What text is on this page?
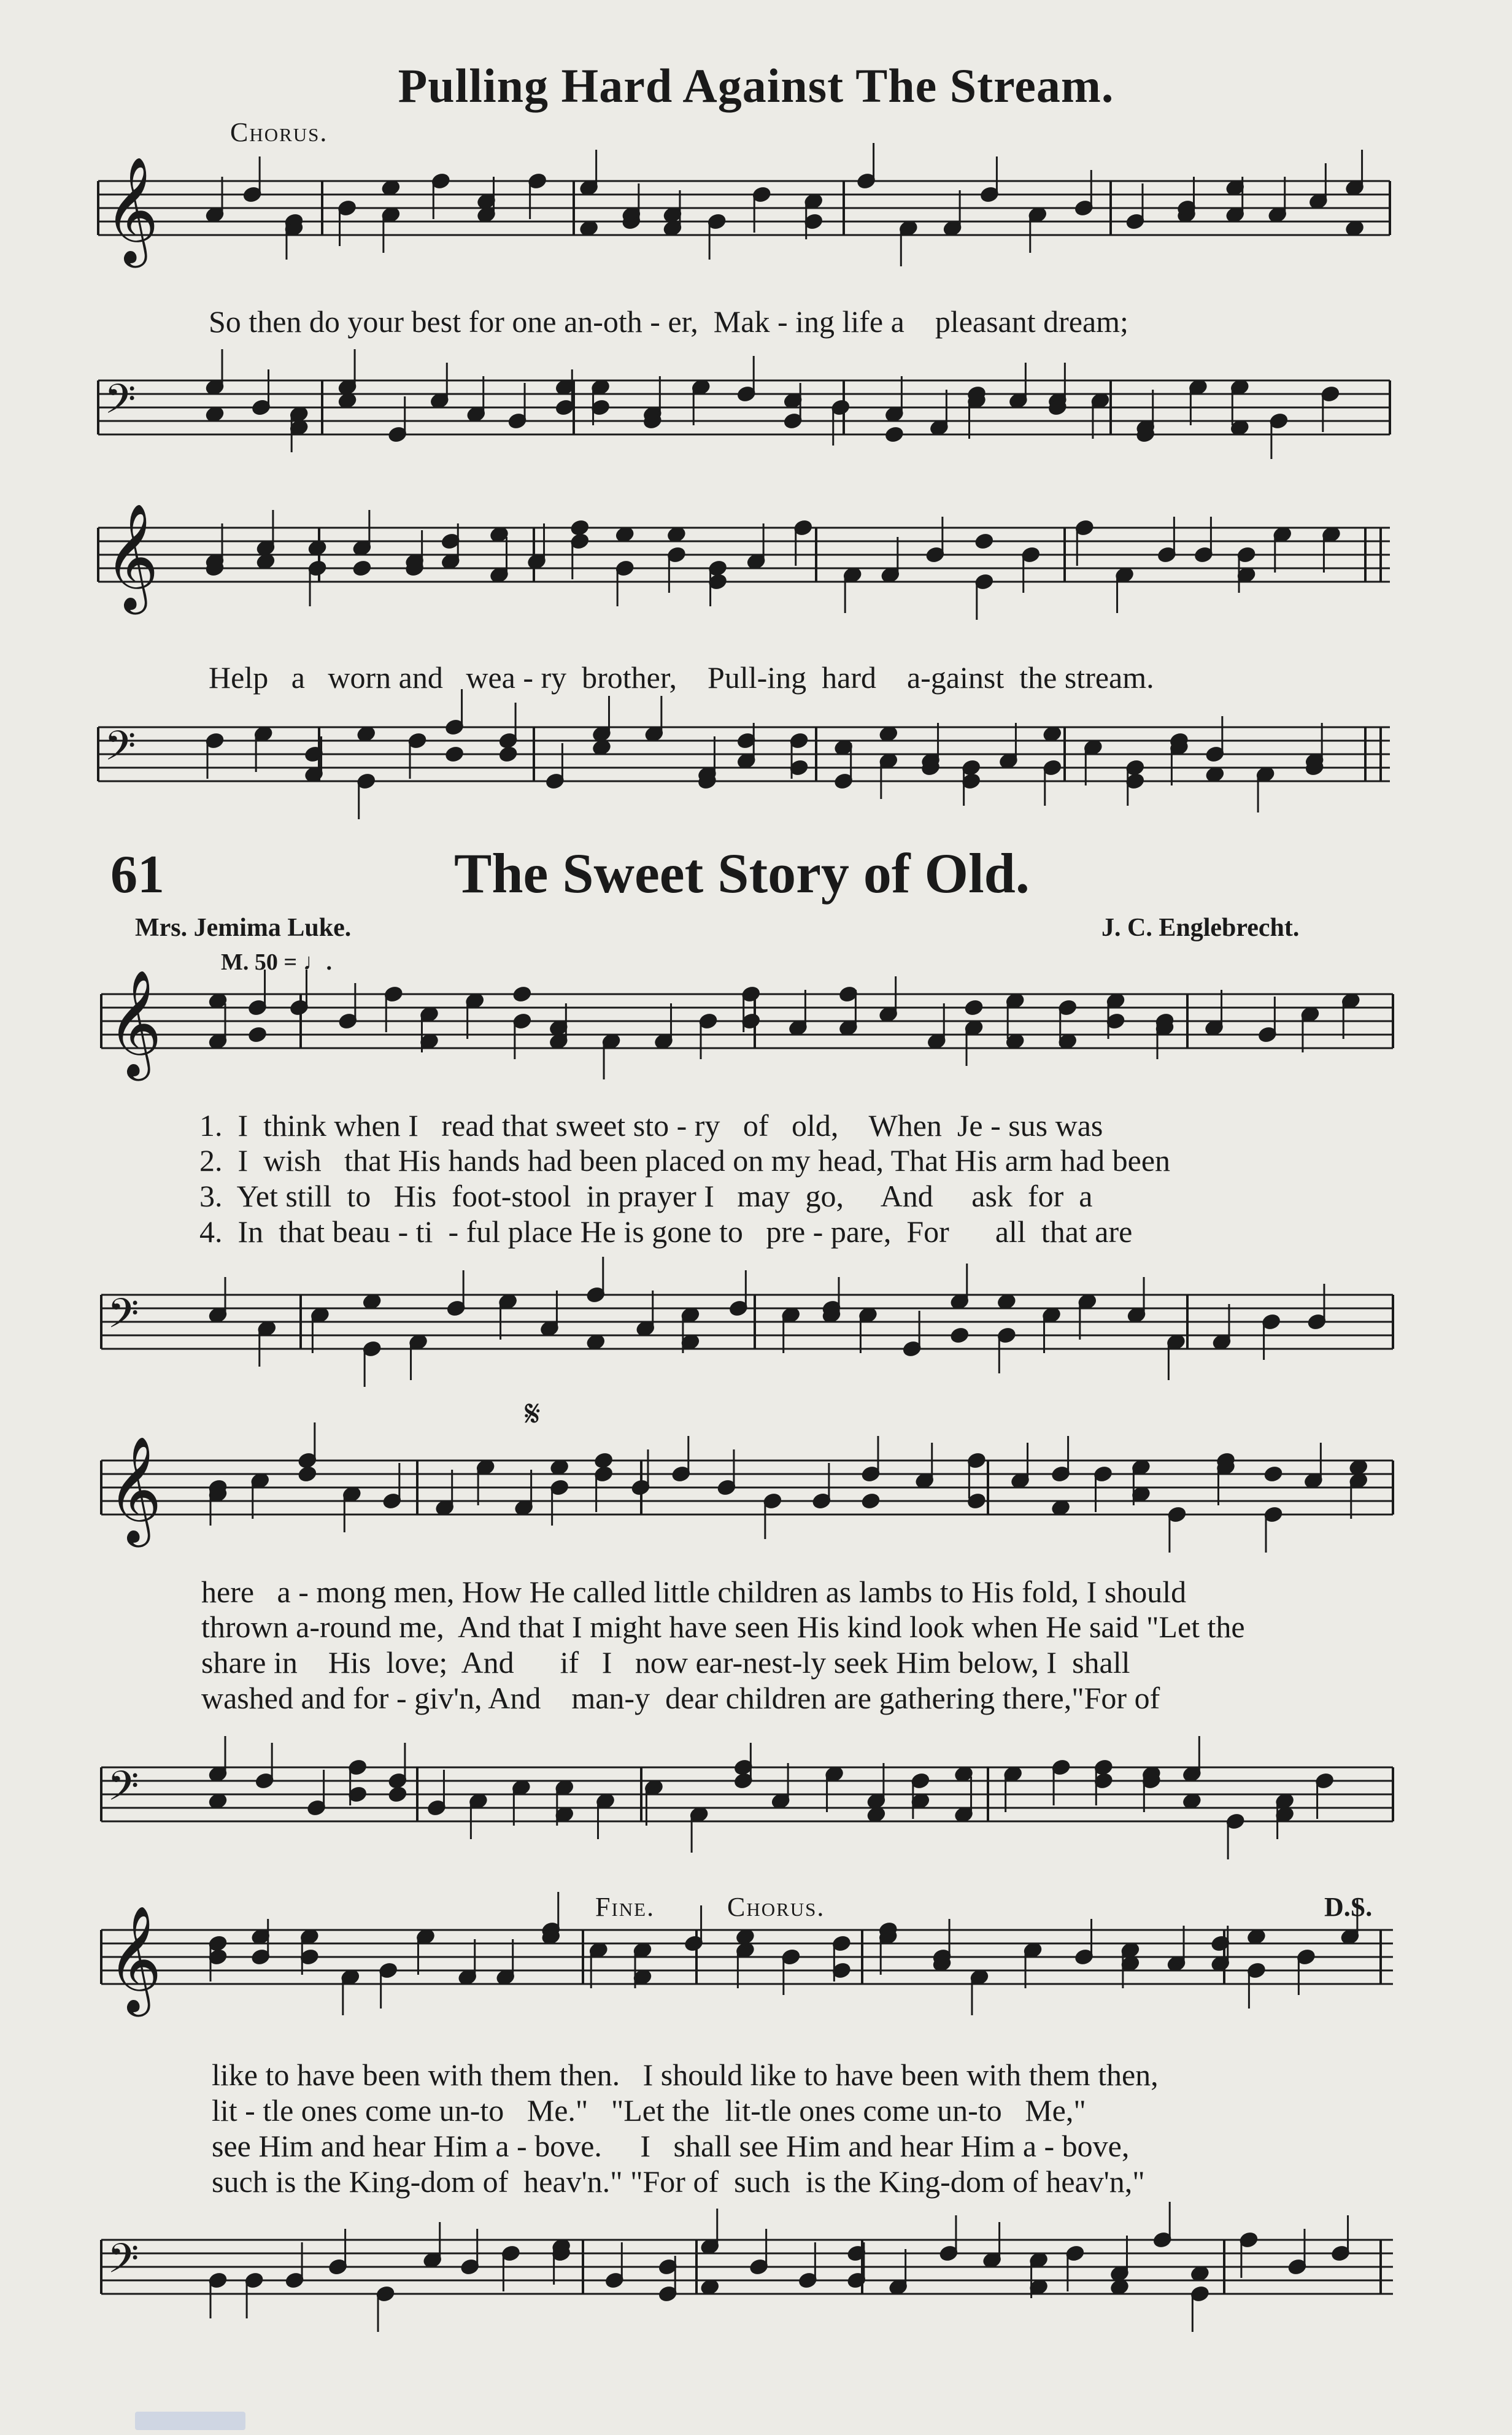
Pulling Hard Against The Stream.
Chorus.
𝄞
𝄢
𝄞
𝄢
𝄞
𝄢
𝄞
𝄢
𝄞
𝄢
So then do your best for one an-oth - er,  Mak - ing life a    pleasant dream;
Help   a   worn and   wea - ry  brother,    Pull-ing  hard    a-gainst  the stream.
61	The Sweet Story of Old.
Mrs. Jemima Luke.	J. C. Englebrecht.
M. 50 = ♩.
1.  I  think when I   read that sweet sto - ry   of   old,    When  Je - sus was
2.  I  wish   that His hands had been placed on my head, That His arm had been
3.  Yet still  to   His  foot-stool  in prayer I   may  go,     And     ask  for  a
4.  In  that beau - ti  - ful place He is gone to   pre - pare,  For      all  that are
𝄋
here   a - mong men, How He called little children as lambs to His fold, I should
thrown a-round me,  And that I might have seen His kind look when He said "Let the
share in    His  love;  And      if   I   now ear-nest-ly seek Him below, I  shall
washed and for - giv'n, And    man-y  dear children are gathering there,"For of
Fine.	Chorus.	D.S.
like to have been with them then.   I should like to have been with them then,
lit - tle ones come un-to   Me."   "Let the  lit-tle ones come un-to   Me,"
see Him and hear Him a - bove.     I   shall see Him and hear Him a - bove,
such is the King-dom of  heav'n." "For of  such  is the King-dom of heav'n,"
